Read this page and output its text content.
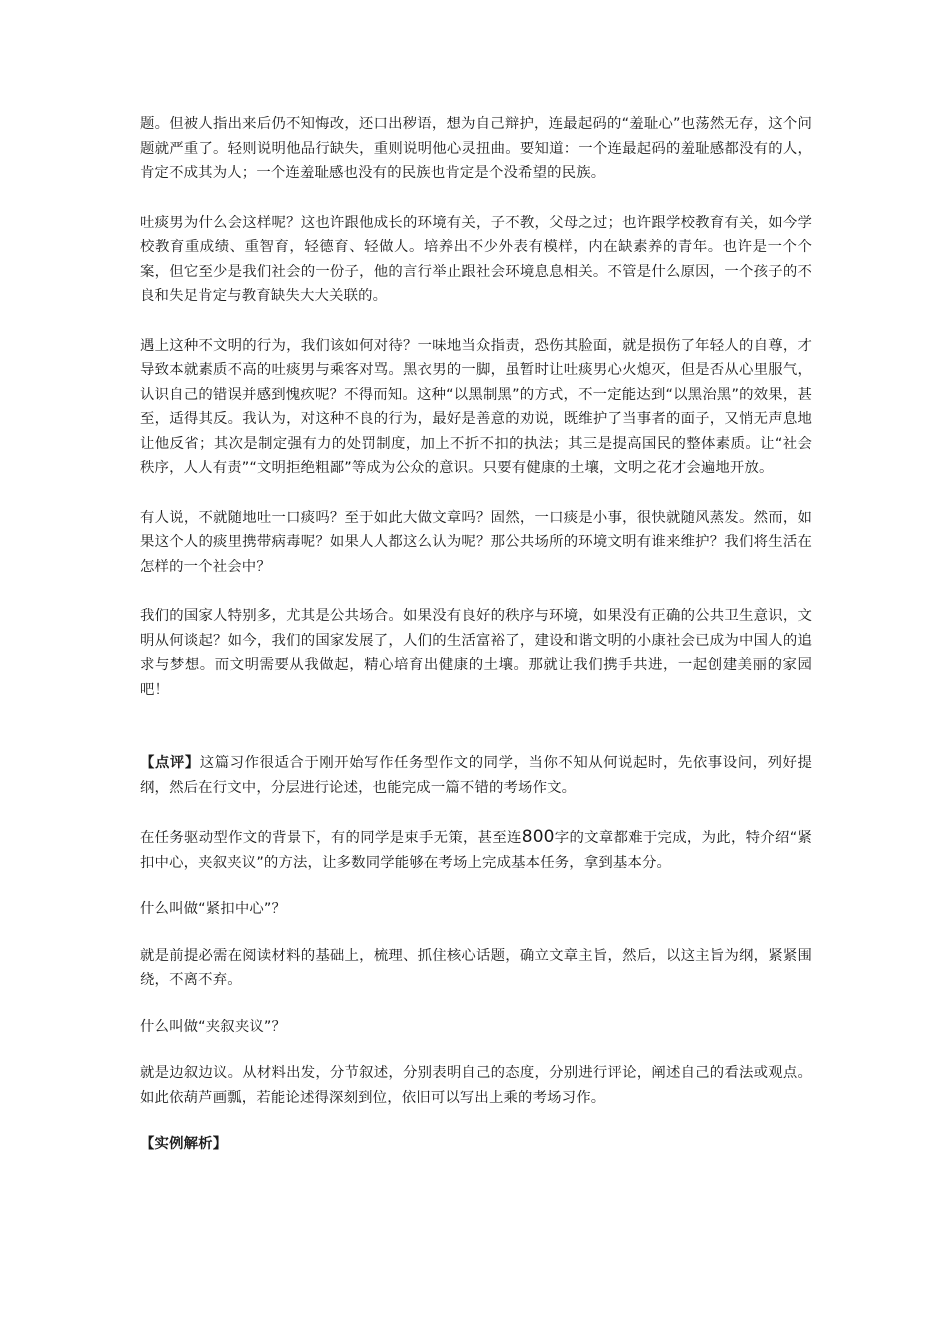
题。但被人指出来后仍不知悔改，还口出秽语，想为自己辩护，连最起码的“羞耻心”也荡然无存，这个问题就严重了。轻则说明他品行缺失，重则说明他心灵扭曲。要知道：一个连最起码的羞耻感都没有的人，肯定不成其为人；一个连羞耻感也没有的民族也肯定是个没希望的民族。

吐痰男为什么会这样呢？这也许跟他成长的环境有关，子不教，父母之过；也许跟学校教育有关，如今学校教育重成绩、重智育，轻德育、轻做人。培养出不少外表有模样，内在缺素养的青年。也许是一个个案，但它至少是我们社会的一份子，他的言行举止跟社会环境息息相关。不管是什么原因，一个孩子的不良和失足肯定与教育缺失大大关联的。

遇上这种不文明的行为，我们该如何对待？一味地当众指责，恐伤其脸面，就是损伤了年轻人的自尊，才导致本就素质不高的吐痰男与乘客对骂。黑衣男的一脚，虽暂时让吐痰男心火熄灭，但是否从心里服气，认识自己的错误并感到愧疚呢？不得而知。这种“以黑制黑”的方式，不一定能达到“以黑治黑”的效果，甚至，适得其反。我认为，对这种不良的行为，最好是善意的劝说，既维护了当事者的面子，又悄无声息地让他反省；其次是制定强有力的处罚制度，加上不折不扣的执法；其三是提高国民的整体素质。让“社会秩序，人人有责”“文明拒绝粗鄙”等成为公众的意识。只要有健康的土壤，文明之花才会遍地开放。

有人说，不就随地吐一口痰吗？至于如此大做文章吗？固然，一口痰是小事，很快就随风蒸发。然而，如果这个人的痰里携带病毒呢？如果人人都这么认为呢？那公共场所的环境文明有谁来维护？我们将生活在怎样的一个社会中？

我们的国家人特别多，尤其是公共场合。如果没有良好的秩序与环境，如果没有正确的公共卫生意识，文明从何谈起？如今，我们的国家发展了，人们的生活富裕了，建设和谐文明的小康社会已成为中国人的追求与梦想。而文明需要从我做起，精心培育出健康的土壤。那就让我们携手共进，一起创建美丽的家园吧！

【点评】这篇习作很适合于刚开始写作任务型作文的同学，当你不知从何说起时，先依事设问，列好提纲，然后在行文中，分层进行论述，也能完成一篇不错的考场作文。

在任务驱动型作文的背景下，有的同学是束手无策，甚至连800字的文章都难于完成，为此，特介绍“紧扣中心，夹叙夹议”的方法，让多数同学能够在考场上完成基本任务，拿到基本分。

什么叫做“紧扣中心”？

就是前提必需在阅读材料的基础上，梳理、抓住核心话题，确立文章主旨，然后，以这主旨为纲，紧紧围绕，不离不弃。

什么叫做“夹叙夹议”？

就是边叙边议。从材料出发，分节叙述，分别表明自己的态度，分别进行评论，阐述自己的看法或观点。如此依葫芦画瓢，若能论述得深刻到位，依旧可以写出上乘的考场习作。

【实例解析】
